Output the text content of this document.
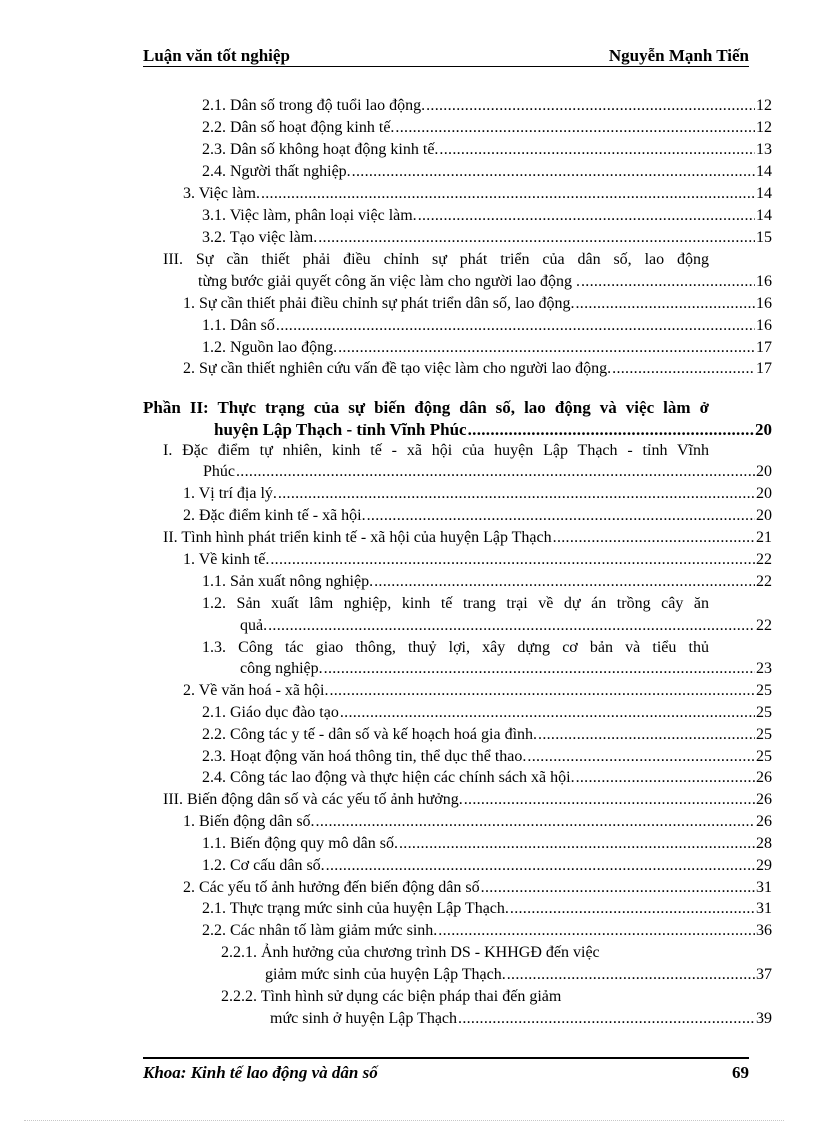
Luận văn tốt nghiệp	Nguyễn Mạnh Tiến
2.1. Dân số trong độ tuổi lao động. .....	12
2.2. Dân số hoạt động kinh tế. .....	12
2.3. Dân số không hoạt động kinh tế. .....	13
2.4. Người thất nghiệp. .....	14
3. Việc làm. .....	14
3.1. Việc làm, phân loại việc làm. .....	14
3.2. Tạo việc làm. .....	15
III. Sự cần thiết phải điều chỉnh sự phát triển của dân số, lao động
từng bước giải quyết công ăn việc làm cho người lao động . .....	16
1. Sự cần thiết phải điều chỉnh sự phát triển dân số, lao động. .....	16
1.1. Dân số .....	16
1.2. Nguồn lao động. .....	17
2. Sự cần thiết nghiên cứu vấn đề tạo việc làm cho người lao động. .....	17
Phần II: Thực trạng của sự biến động dân số, lao động và việc làm ở
huyện Lập Thạch - tỉnh Vĩnh Phúc .....	20
I. Đặc điểm tự nhiên, kinh tế - xã hội của huyện Lập Thạch - tỉnh Vĩnh
Phúc .....	20
1. Vị trí địa lý. .....	20
2. Đặc điểm kinh tế - xã hội. .....	20
II. Tình hình phát triển kinh tế - xã hội của huyện Lập Thạch .....	21
1. Về kinh tế. .....	22
1.1. Sản xuất nông nghiệp. .....	22
1.2. Sản xuất lâm nghiệp, kinh tế trang trại về dự án trồng cây ăn
quả. .....	22
1.3. Công tác giao thông, thuỷ lợi, xây dựng cơ bản và tiểu thủ
công nghiệp. .....	23
2. Về văn hoá - xã hội. .....	25
2.1. Giáo dục đào tạo .....	25
2.2. Công tác y tế - dân số và kế hoạch hoá gia đình. .....	25
2.3. Hoạt động văn hoá thông tin, thể dục thể thao. .....	25
2.4. Công tác lao động và thực hiện các chính sách xã hội. .....	26
III. Biến động dân số và các yếu tố ảnh hưởng. .....	26
1. Biến động dân số. .....	26
1.1. Biến động quy mô dân số. .....	28
1.2. Cơ cấu dân số. .....	29
2. Các yếu tố ảnh hưởng đến biến động dân số .....	31
2.1. Thực trạng mức sinh của huyện Lập Thạch. .....	31
2.2. Các nhân tố làm giảm mức sinh. .....	36
2.2.1. Ảnh hưởng của chương trình DS - KHHGĐ đến việc
giảm mức sinh của huyện Lập Thạch. .....	37
2.2.2. Tình hình sử dụng các biện pháp thai đến giảm
mức sinh ở huyện Lập Thạch .....	39
Khoa: Kinh tế lao động và dân số	69
